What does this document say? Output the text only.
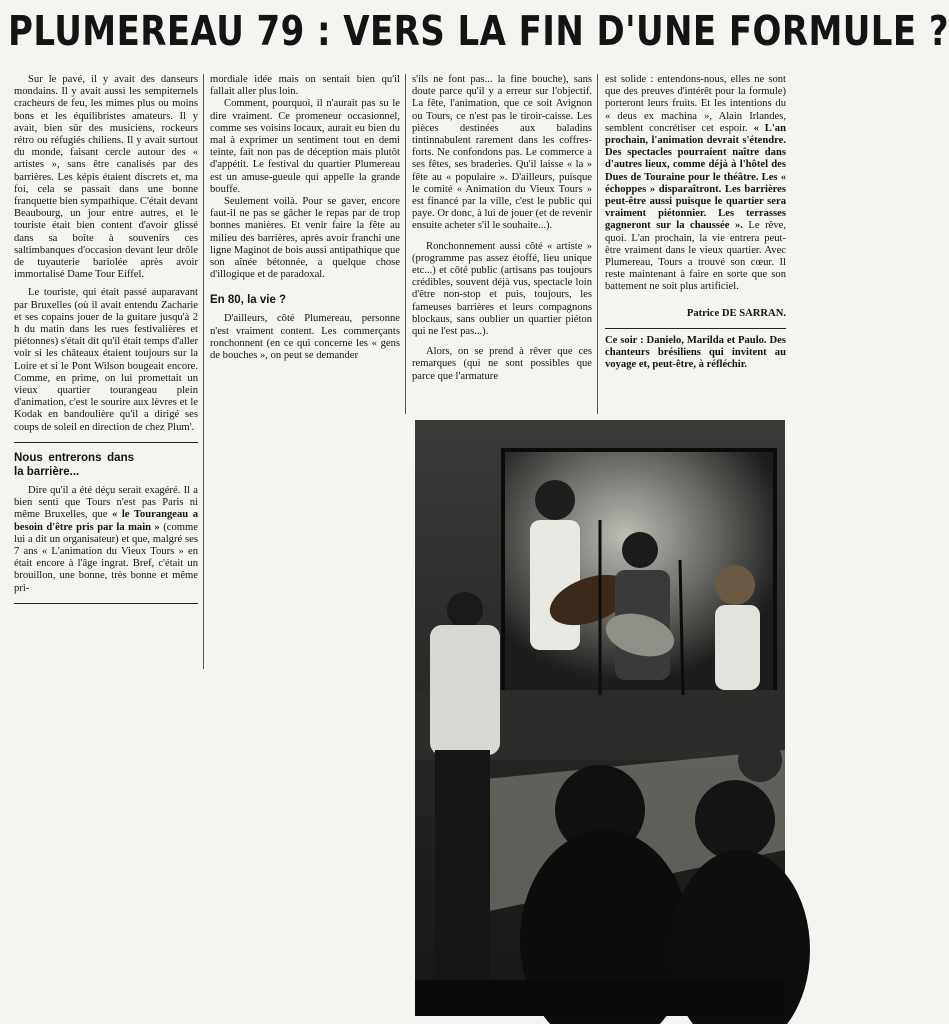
PLUMEREAU 79 : VERS LA FIN D'UNE FORMULE ?

Sur le pavé, il y avait des danseurs mondains. Il y avait aussi les sempiternels cracheurs de feu, les mimes plus ou moins bons et les équilibristes amateurs. Il y avait, bien sûr des musiciens, rockeurs rétro ou réfugiés chiliens. Il y avait surtout du monde, faisant cercle autour des « artistes », sans être canalisés par des barrières. Les képis étaient discrets et, ma foi, cela se passait dans une bonne franquette bien sympathique. C'était devant Beaubourg, un jour entre autres, et le touriste était bien content d'avoir glissé dans sa boîte à souvenirs ces saltimbanques d'occasion devant leur drôle de tuyauterie bariolée après avoir immortalisé Dame Tour Eiffel.

Le touriste, qui était passé auparavant par Bruxelles (où il avait entendu Zacharie et ses copains jouer de la guitare jusqu'à 2 h du matin dans les rues festivalières et piétonnes) s'était dit qu'il était temps d'aller voir si les châteaux étaient toujours sur la Loire et si le Pont Wilson bougeait encore. Comme, en prime, on lui promettait un vieux quartier tourangeau plein d'animation, c'est le sourire aux lèvres et le Kodak en bandoulière qu'il a dirigé ses coups de soleil en direction de chez Plum'.

Nous entrerons dans la barrière...

Dire qu'il a été déçu serait exagéré. Il a bien senti que Tours n'est pas Paris ni même Bruxelles, que « le Tourangeau a besoin d'être pris par la main » (comme lui a dit un organisateur) et que, malgré ses 7 ans « L'animation du Vieux Tours » en était encore à l'âge ingrat. Bref, c'était un brouillon, une bonne, très bonne et même pri-

mordiale idée mais on sentait bien qu'il fallait aller plus loin.

Comment, pourquoi, il n'aurait pas su le dire vraiment. Ce promeneur occasionnel, comme ses voisins locaux, aurait eu bien du mal à exprimer un sentiment tout en demi teinte, fait non pas de déception mais plutôt d'appétit. Le festival du quartier Plumereau est un amuse-gueule qui appelle la grande bouffe.

Seulement voilà. Pour se gaver, encore faut-il ne pas se gâcher le repas par de trop bonnes manières. Et venir faire la fête au milieu des barrières, après avoir franchi une ligne Maginot de bois aussi antipathique que son aînée bétonnée, a quelque chose d'illogique et de paradoxal.

En 80, la vie ?

D'ailleurs, côté Plumereau, personne n'est vraiment content. Les commerçants ronchonnent (en ce qui concerne les « gens de bouches », on peut se demander

s'ils ne font pas... la fine bouche), sans doute parce qu'il y a erreur sur l'objectif. La fête, l'animation, que ce soit Avignon ou Tours, ce n'est pas le tiroir-caisse. Les pièces destinées aux baladins tintinnabulent rarement dans les coffres-forts. Ne confondons pas. Le commerce a ses fêtes, ses braderies. Qu'il laisse « la » fête au « populaire ». D'ailleurs, puisque le comité « Animation du Vieux Tours » est financé par la ville, c'est le public qui paye. Or donc, à lui de jouer (et de revenir ensuite acheter s'il le souhaite...).

Ronchonnement aussi côté « artiste » (programme pas assez étoffé, lieu unique etc...) et côté public (artisans pas toujours crédibles, souvent déjà vus, spectacle loin d'être non-stop et puis, toujours, les fameuses barrières et leurs compagnons blockaus, sans oublier un quartier piéton qui ne l'est pas...).

Alors, on se prend à rêver que ces remarques (qui ne sont possibles que parce que l'armature

est solide : entendons-nous, elles ne sont que des preuves d'intérêt pour la formule) porteront leurs fruits. Et les intentions du « deus ex machina », Alain Irlandes, semblent concrétiser cet espoir. « L'an prochain, l'animation devrait s'étendre. Des spectacles pourraient naître dans d'autres lieux, comme déjà à l'hôtel des Dues de Touraine pour le théâtre. Les « échoppes » disparaîtront. Les barrières peut-être aussi puisque le quartier sera vraiment piétonnier. Les terrasses gagneront sur la chaussée ». Le rêve, quoi. L'an prochain, la vie entrera peut-être vraiment dans le vieux quartier. Avec Plumereau, Tours a trouvé son cœur. Il reste maintenant à faire en sorte que son battement ne soit plus artificiel.

Patrice DE SARRAN.
Ce soir : Danielo, Marilda et Paulo. Des chanteurs brésiliens qui invitent au voyage et, peut-être, à réfléchir.
